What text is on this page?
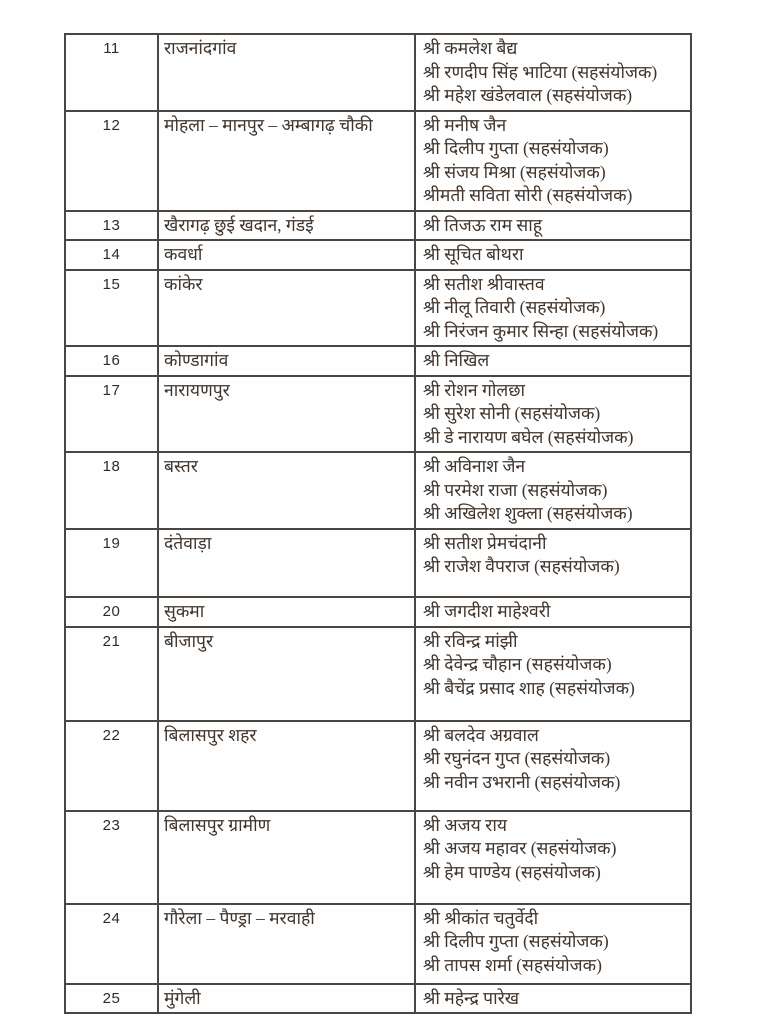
11	राजनांदगांव	श्री कमलेश बैद्य
श्री रणदीप सिंह भाटिया (सहसंयोजक)
श्री महेश खंडेलवाल (सहसंयोजक)

12	मोहला – मानपुर – अम्बागढ़ चौकी	श्री मनीष जैन
श्री दिलीप गुप्ता (सहसंयोजक)
श्री संजय मिश्रा (सहसंयोजक)
श्रीमती सविता सोरी (सहसंयोजक)

13	खैरागढ़ छुई खदान, गंडई	श्री तिजऊ राम साहू

14	कवर्धा	श्री सूचित बोथरा

15	कांकेर	श्री सतीश श्रीवास्तव
श्री नीलू तिवारी (सहसंयोजक)
श्री निरंजन कुमार सिन्हा (सहसंयोजक)

16	कोण्डागांव	श्री निखिल

17	नारायणपुर	श्री रोशन गोलछा
श्री सुरेश सोनी (सहसंयोजक)
श्री डे नारायण बघेल (सहसंयोजक)

18	बस्तर	श्री अविनाश जैन
श्री परमेश राजा (सहसंयोजक)
श्री अखिलेश शुक्ला (सहसंयोजक)

19	दंतेवाड़ा	श्री सतीश प्रेमचंदानी
श्री राजेश वैपराज (सहसंयोजक)

20	सुकमा	श्री जगदीश माहेश्वरी

21	बीजापुर	श्री रविन्द्र मांझी
श्री देवेन्द्र चौहान (सहसंयोजक)
श्री बैचेंद्र प्रसाद शाह (सहसंयोजक)

22	बिलासपुर शहर	श्री बलदेव अग्रवाल
श्री रघुनंदन गुप्त (सहसंयोजक)
श्री नवीन उभरानी (सहसंयोजक)

23	बिलासपुर ग्रामीण	श्री अजय राय
श्री अजय महावर (सहसंयोजक)
श्री हेम पाण्डेय (सहसंयोजक)

24	गौरेला – पैण्ड्रा – मरवाही	श्री श्रीकांत चतुर्वेदी
श्री दिलीप गुप्ता (सहसंयोजक)
श्री तापस शर्मा (सहसंयोजक)

25	मुंगेली	श्री महेन्द्र पारेख
